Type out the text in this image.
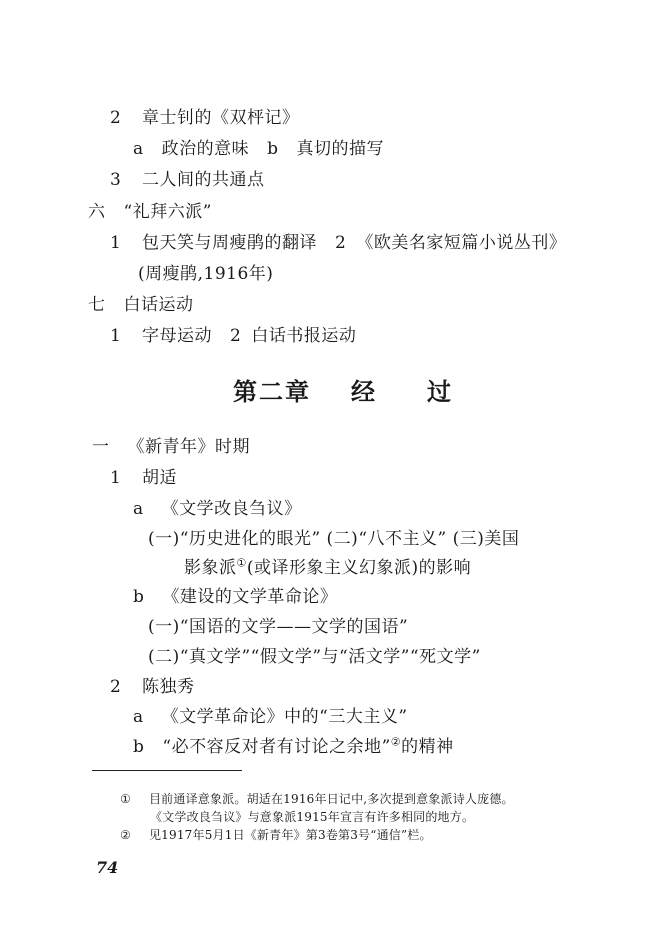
2 章士钊的《双枰记》
a 政治的意味 b 真切的描写
3 二人间的共通点
六 “礼拜六派”
1 包天笑与周瘦鹃的翻译 2 《欧美名家短篇小说丛刊》
(周瘦鹃,1916年)
七 白话运动
1 字母运动 2 白话书报运动
第二章 经 过
一 《新青年》时期
1 胡适
a 《文学改良刍议》
(一)“历史进化的眼光” (二)“八不主义” (三)美国
影象派①(或译形象主义幻象派)的影响
b 《建设的文学革命论》
(一)“国语的文学——文学的国语”
(二)“真文学”“假文学”与“活文学”“死文学”
2 陈独秀
a 《文学革命论》中的“三大主义”
b “必不容反对者有讨论之余地”②的精神
① 目前通译意象派。胡适在1916年日记中,多次提到意象派诗人庞德。
《文学改良刍议》与意象派1915年宣言有许多相同的地方。
② 见1917年5月1日《新青年》第3卷第3号“通信”栏。
74
